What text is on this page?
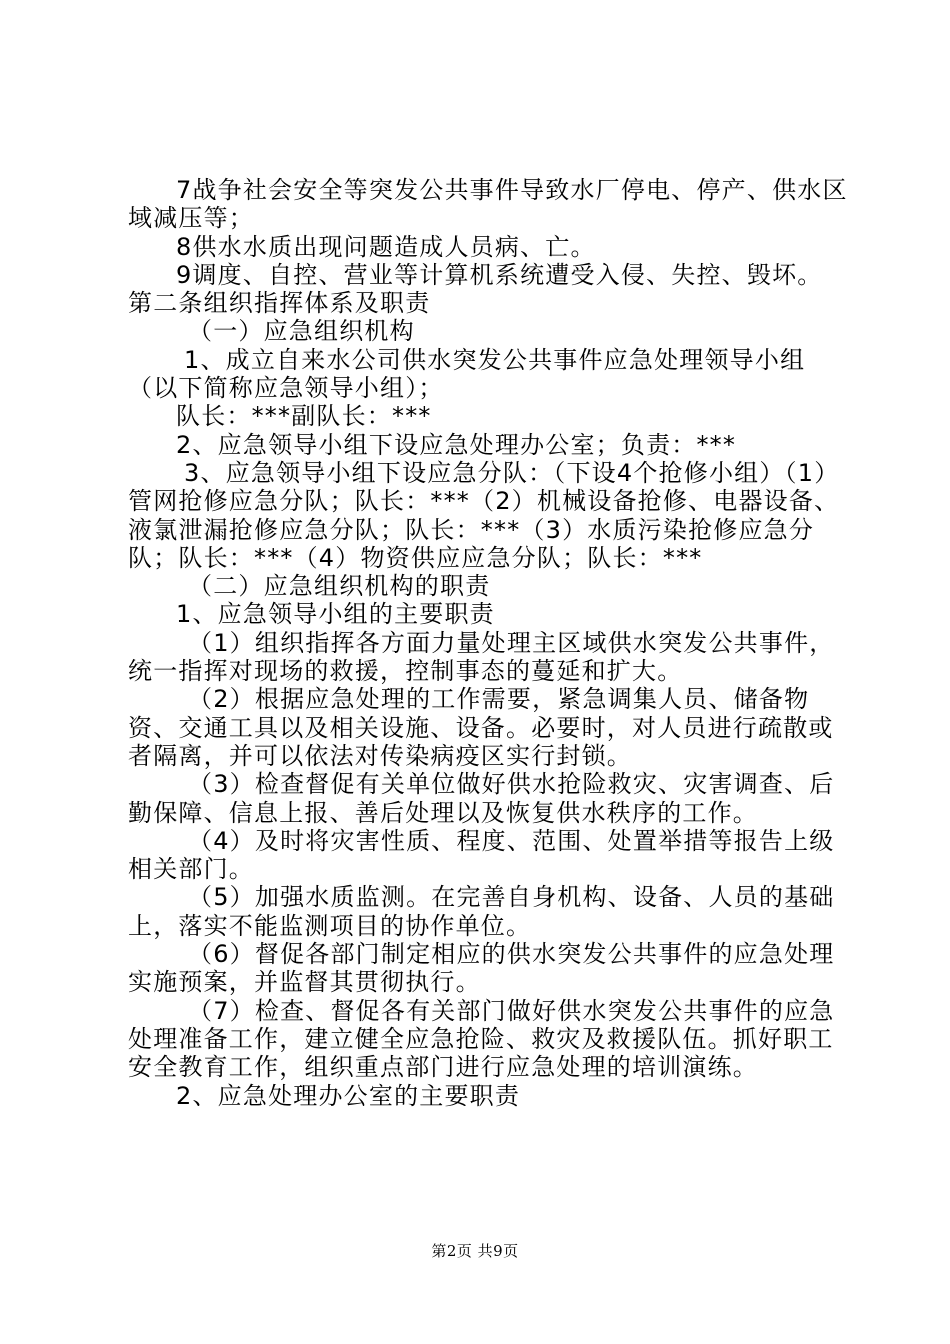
7战争社会安全等突发公共事件导致水厂停电、停产、供水区域减压等；

8供水水质出现问题造成人员病、亡。

9调度、自控、营业等计算机系统遭受入侵、失控、毁坏。

第二条组织指挥体系及职责

（一）应急组织机构

1、成立自来水公司供水突发公共事件应急处理领导小组（以下简称应急领导小组）；

队长：***副队长：***

2、应急领导小组下设应急处理办公室；负责：***

3、应急领导小组下设应急分队：（下设4个抢修小组）（1）管网抢修应急分队；队长：***（2）机械设备抢修、电器设备、液氯泄漏抢修应急分队；队长：***（3）水质污染抢修应急分队；队长：***（4）物资供应应急分队；队长：***

（二）应急组织机构的职责

1、应急领导小组的主要职责

（1）组织指挥各方面力量处理主区域供水突发公共事件，统一指挥对现场的救援，控制事态的蔓延和扩大。

（2）根据应急处理的工作需要，紧急调集人员、储备物资、交通工具以及相关设施、设备。必要时，对人员进行疏散或者隔离，并可以依法对传染病疫区实行封锁。

（3）检查督促有关单位做好供水抢险救灾、灾害调查、后勤保障、信息上报、善后处理以及恢复供水秩序的工作。

（4）及时将灾害性质、程度、范围、处置举措等报告上级相关部门。

（5）加强水质监测。在完善自身机构、设备、人员的基础上，落实不能监测项目的协作单位。

（6）督促各部门制定相应的供水突发公共事件的应急处理实施预案，并监督其贯彻执行。

（7）检查、督促各有关部门做好供水突发公共事件的应急处理准备工作，建立健全应急抢险、救灾及救援队伍。抓好职工安全教育工作，组织重点部门进行应急处理的培训演练。

2、应急处理办公室的主要职责

第2页 共9页
